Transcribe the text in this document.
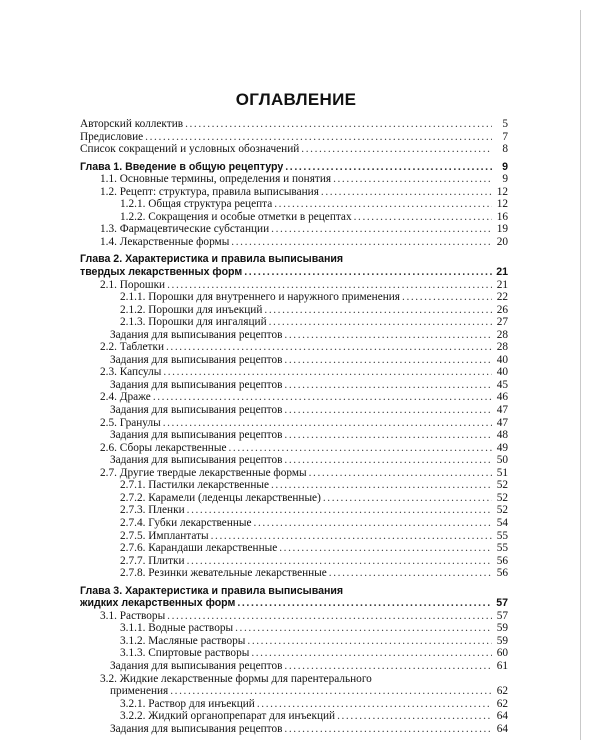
ОГЛАВЛЕНИЕ
Авторский коллектив .....	5
Предисловие .....	7
Список сокращений и условных обозначений .....	8
Глава 1. Введение в общую рецептуру .....	9
1.1. Основные термины, определения и понятия .....	9
1.2. Рецепт: структура, правила выписывания .....	12
1.2.1. Общая структура рецепта .....	12
1.2.2. Сокращения и особые отметки в рецептах .....	16
1.3. Фармацевтические субстанции .....	19
1.4. Лекарственные формы .....	20
Глава 2. Характеристика и правила выписывания
твердых лекарственных форм .....	21
2.1. Порошки .....	21
2.1.1. Порошки для внутреннего и наружного применения .....	22
2.1.2. Порошки для инъекций .....	26
2.1.3. Порошки для ингаляций .....	27
Задания для выписывания рецептов .....	28
2.2. Таблетки .....	28
Задания для выписывания рецептов .....	40
2.3. Капсулы .....	40
Задания для выписывания рецептов .....	45
2.4. Драже .....	46
Задания для выписывания рецептов .....	47
2.5. Гранулы .....	47
Задания для выписывания рецептов .....	48
2.6. Сборы лекарственные .....	49
Задания для выписывания рецептов .....	50
2.7. Другие твердые лекарственные формы .....	51
2.7.1. Пастилки лекарственные .....	52
2.7.2. Карамели (леденцы лекарственные) .....	52
2.7.3. Пленки .....	52
2.7.4. Губки лекарственные .....	54
2.7.5. Имплантаты .....	55
2.7.6. Карандаши лекарственные .....	55
2.7.7. Плитки .....	56
2.7.8. Резинки жевательные лекарственные .....	56
Глава 3. Характеристика и правила выписывания
жидких лекарственных форм .....	57
3.1. Растворы .....	57
3.1.1. Водные растворы .....	59
3.1.2. Масляные растворы .....	59
3.1.3. Спиртовые растворы .....	60
Задания для выписывания рецептов .....	61
3.2. Жидкие лекарственные формы для парентерального
применения .....	62
3.2.1. Раствор для инъекций .....	62
3.2.2. Жидкий органопрепарат для инъекций .....	64
Задания для выписывания рецептов .....	64
